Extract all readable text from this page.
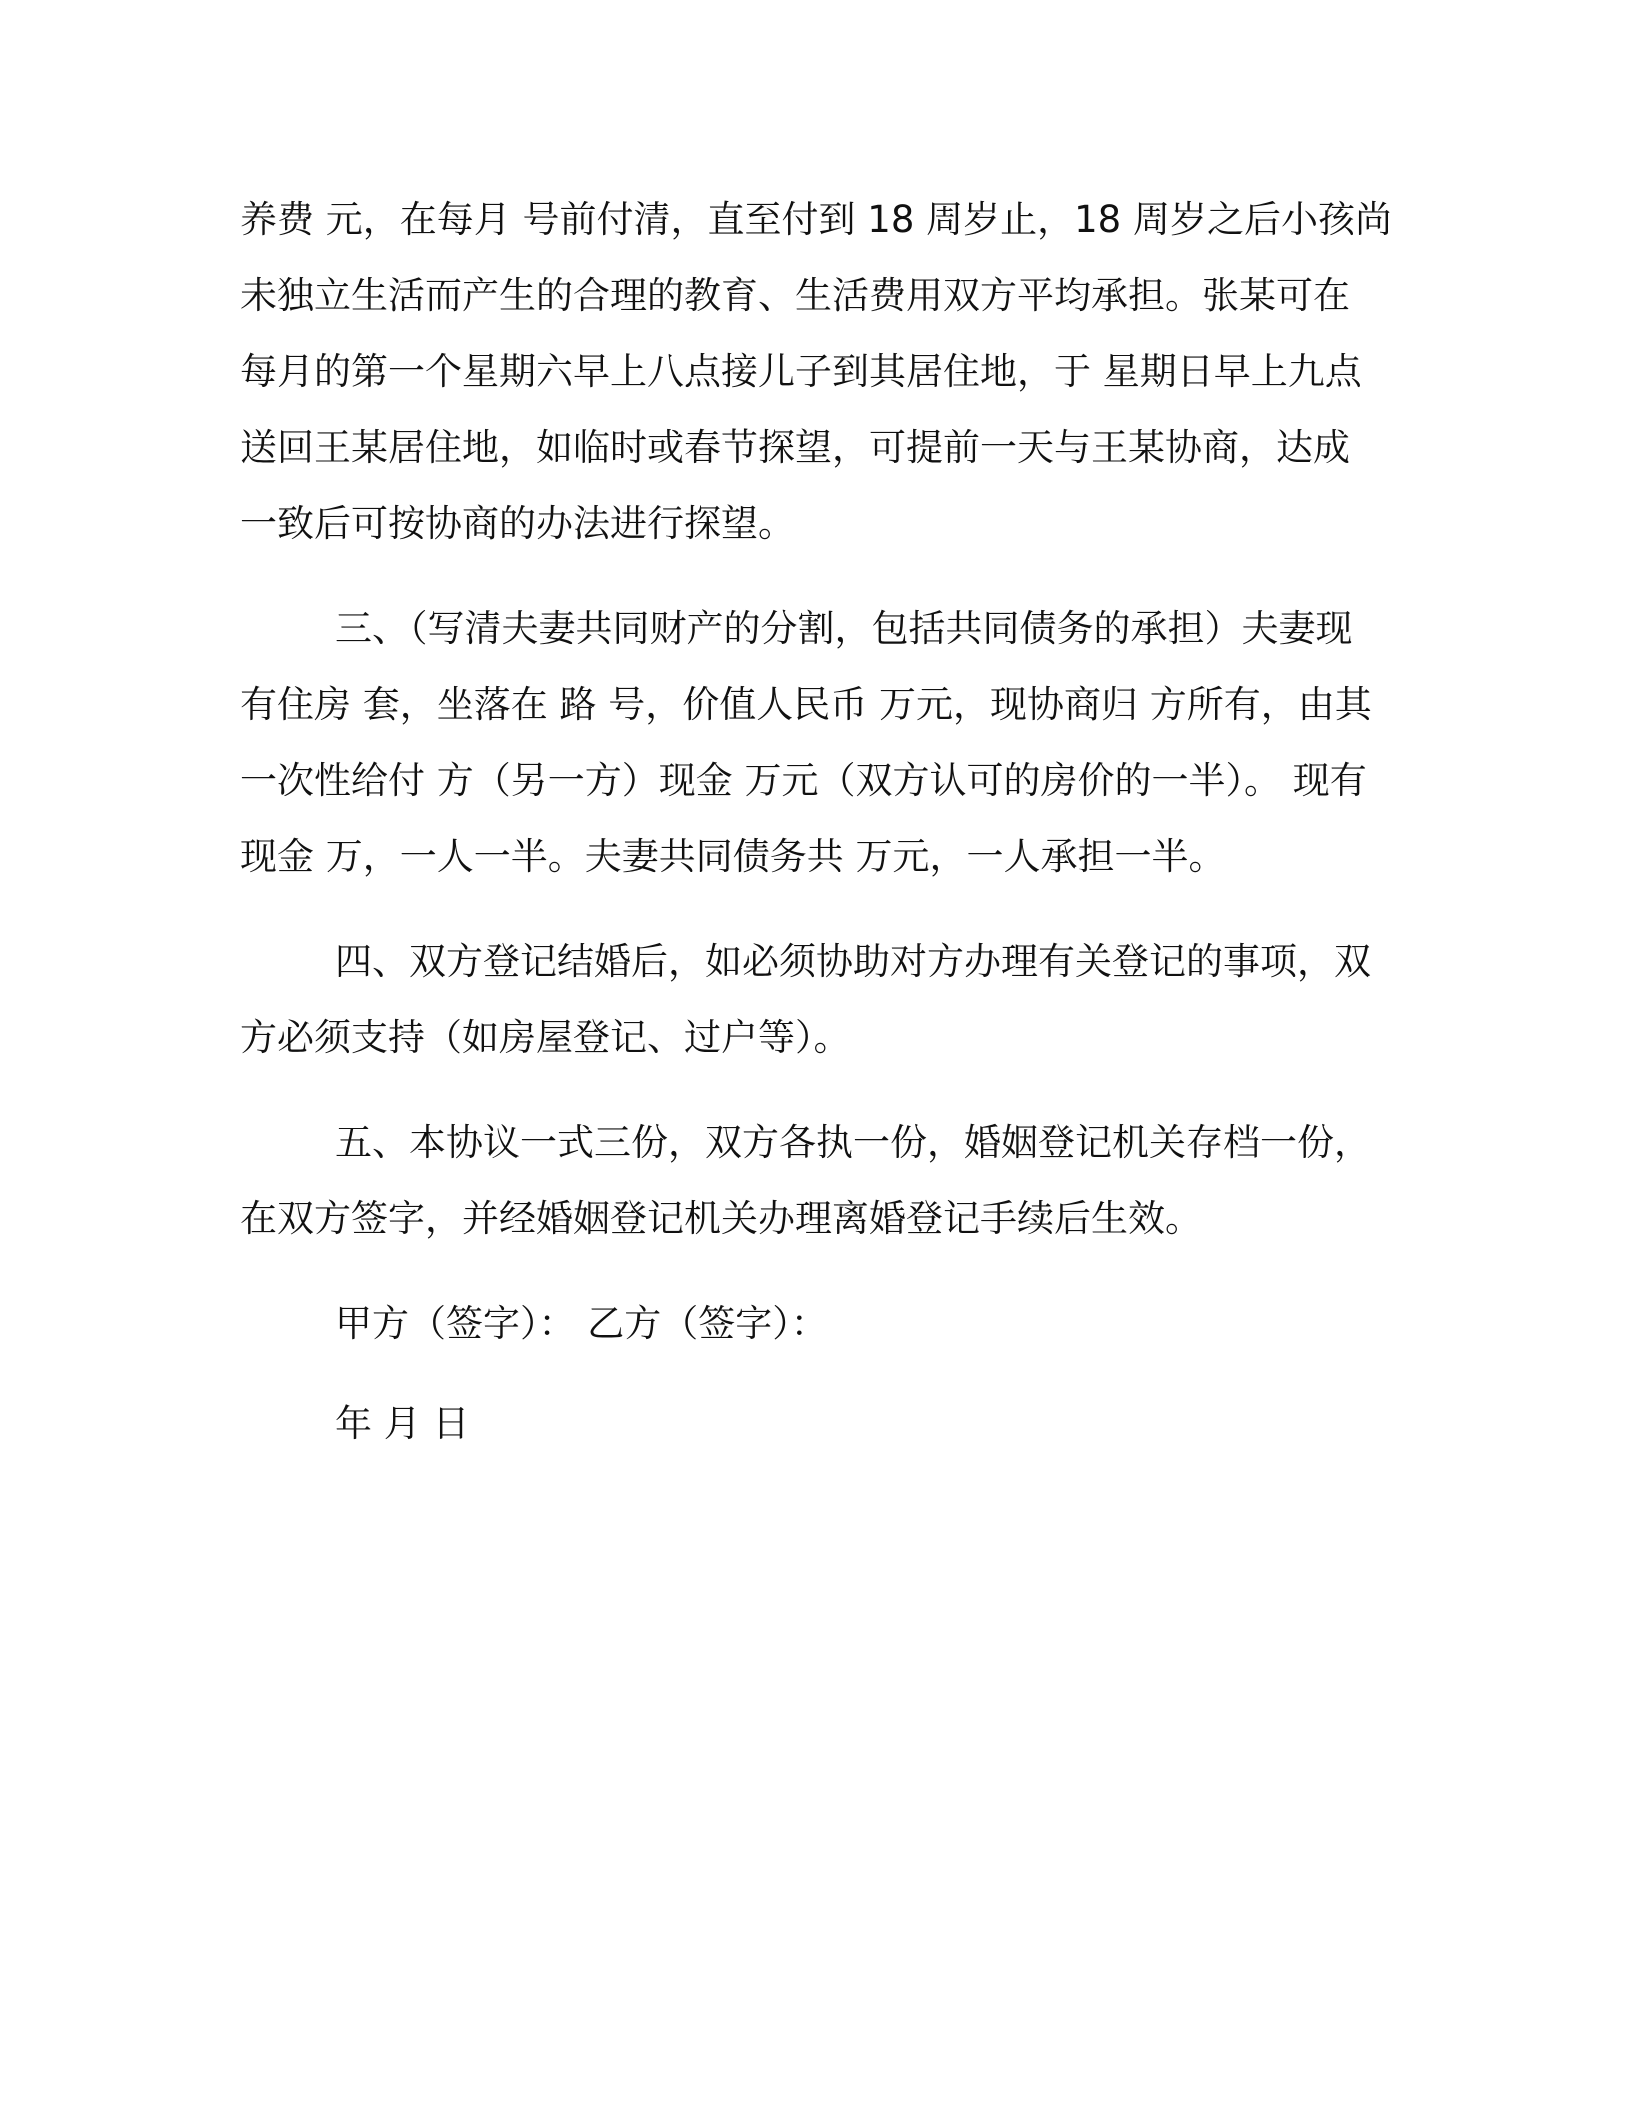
养费 元，在每月 号前付清，直至付到 18 周岁止，18 周岁之后小孩尚
未独立生活而产生的合理的教育、生活费用双方平均承担。张某可在
每月的第一个星期六早上八点接儿子到其居住地，于 星期日早上九点
送回王某居住地，如临时或春节探望，可提前一天与王某协商，达成
一致后可按协商的办法进行探望。
三、（写清夫妻共同财产的分割，包括共同债务的承担）夫妻现
有住房 套，坐落在 路 号，价值人民币 万元，现协商归 方所有，由其
一次性给付 方（另一方）现金 万元（双方认可的房价的一半）。 现有
现金 万，一人一半。夫妻共同债务共 万元，一人承担一半。
四、双方登记结婚后，如必须协助对方办理有关登记的事项，双
方必须支持（如房屋登记、过户等）。
五、本协议一式三份，双方各执一份，婚姻登记机关存档一份，
在双方签字，并经婚姻登记机关办理离婚登记手续后生效。
甲方（签字）： 乙方（签字）：
年 月 日
